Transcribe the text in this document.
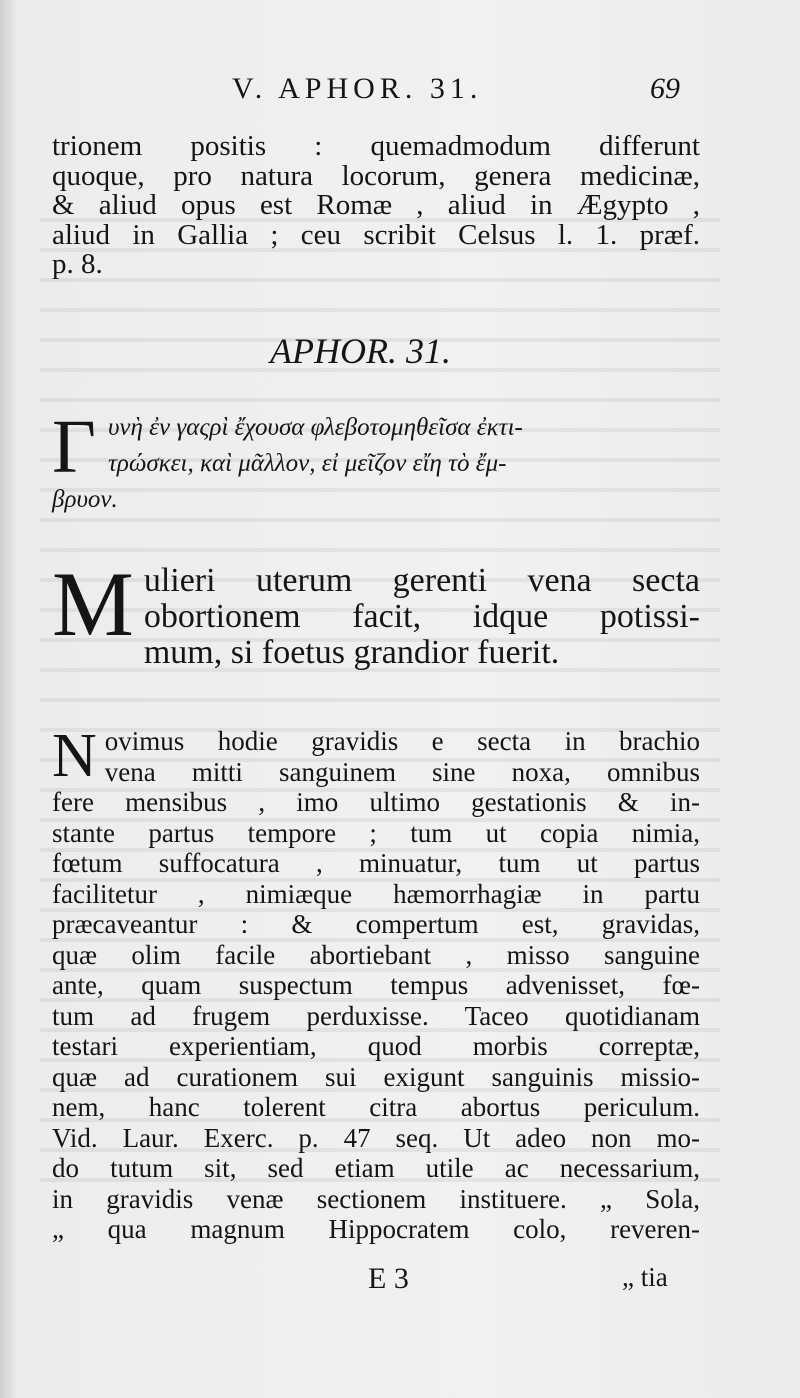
V. APHOR. 31.	69
trionem positis : quemadmodum differunt
quoque, pro natura locorum, genera medicinæ,
& aliud opus est Romæ , aliud in Ægypto ,
aliud in Gallia ; ceu scribit Celsus l. 1. præf.
p. 8.
APHOR. 31.
Γ υνὴ ἐν γαςρὶ ἔχουσα φλεβοτομηθεῖσα ἐκτι-
τρώσκει, καὶ μᾶλλον, εἰ μεῖζον εἴη τὸ ἔμ-
βρυον.
M ulieri uterum gerenti vena secta
obortionem facit, idque potissi-
mum, si foetus grandior fuerit.
N ovimus hodie gravidis e secta in brachio
vena mitti sanguinem sine noxa, omnibus
fere mensibus , imo ultimo gestationis & in-
stante partus tempore ; tum ut copia nimia,
fœtum suffocatura , minuatur, tum ut partus
facilitetur , nimiæque hæmorrhagiæ in partu
præcaveantur : & compertum est, gravidas,
quæ olim facile abortiebant , misso sanguine
ante, quam suspectum tempus advenisset, fœ-
tum ad frugem perduxisse. Taceo quotidianam
testari experientiam, quod morbis correptæ,
quæ ad curationem sui exigunt sanguinis missio-
nem, hanc tolerent citra abortus periculum.
Vid. Laur. Exerc. p. 47 seq. Ut adeo non mo-
do tutum sit, sed etiam utile ac necessarium,
in gravidis venæ sectionem instituere. „ Sola,
„ qua magnum Hippocratem colo, reveren-
E 3	„ tia
